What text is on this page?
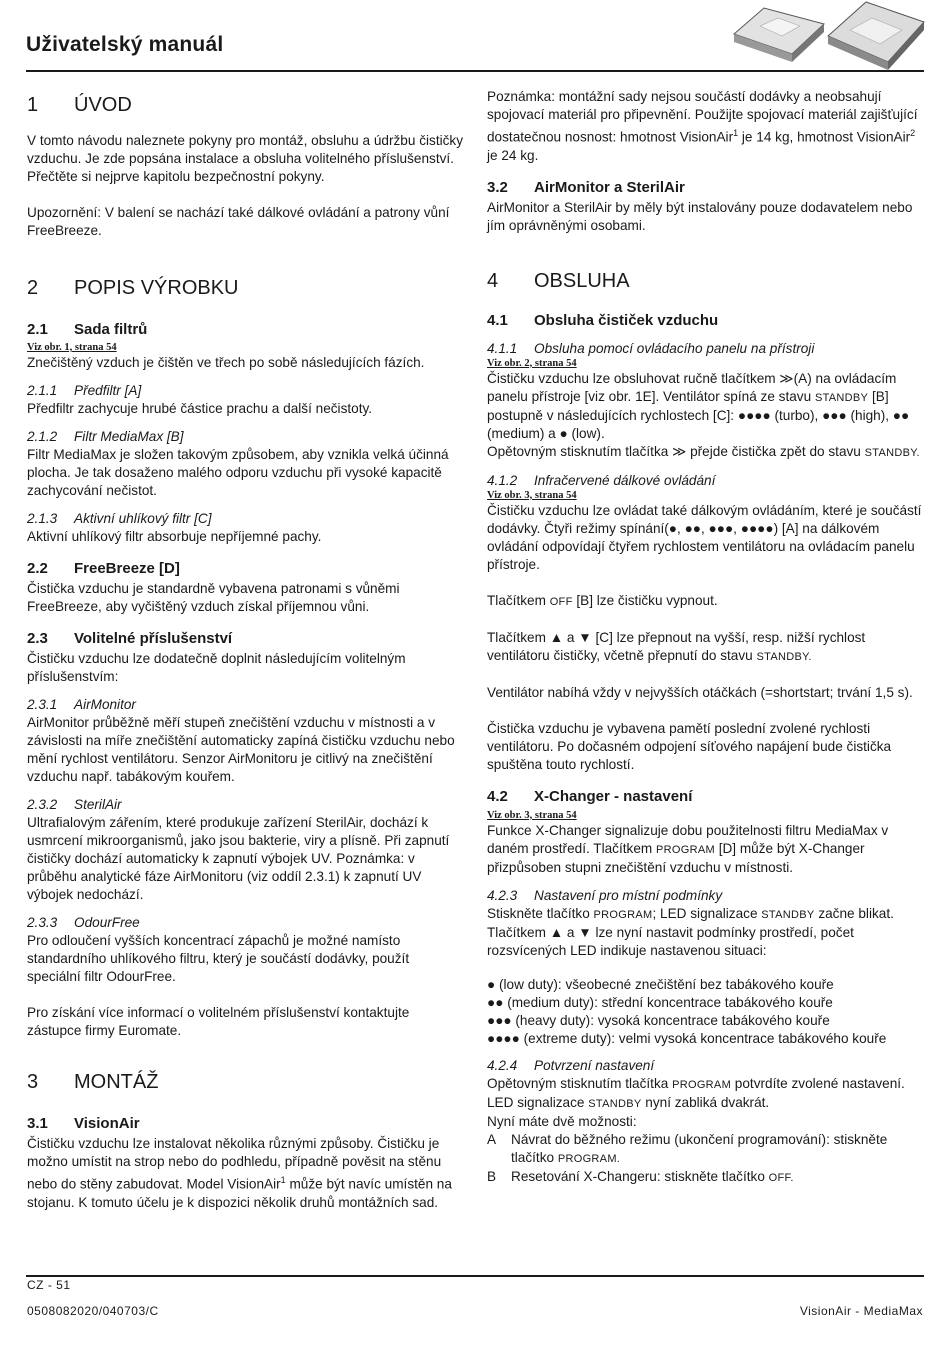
Uživatelský manuál
1	ÚVOD

V tomto návodu naleznete pokyny pro montáž, obsluhu a údržbu čističky vzduchu. Je zde popsána instalace a obsluha volitelného příslušenství. Přečtěte si nejprve kapitolu bezpečnostní pokyny.

Upozornění: V balení se nachází také dálkové ovládání a patrony vůní FreeBreeze.

2	POPIS VÝROBKU
2.1	Sada filtrů
Viz obr. 1, strana 54

Znečištěný vzduch je čištěn ve třech po sobě následujících fázích.

2.1.1 Předfiltr [A]

Předfiltr zachycuje hrubé částice prachu a další nečistoty.

2.1.2 Filtr MediaMax [B]

Filtr MediaMax je složen takovým způsobem, aby vznikla velká účinná plocha. Je tak dosaženo malého odporu vzduchu při vysoké kapacitě zachycování nečistot.

2.1.3 Aktivní uhlíkový filtr [C]

Aktivní uhlíkový filtr absorbuje nepříjemné pachy.

2.2	FreeBreeze [D]

Čistička vzduchu je standardně vybavena patronami s vůněmi FreeBreeze, aby vyčištěný vzduch získal příjemnou vůni.

2.3	Volitelné příslušenství

Čističku vzduchu lze dodatečně doplnit následujícím volitelným příslušenstvím:

2.3.1 AirMonitor

AirMonitor průběžně měří stupeň znečištění vzduchu v místnosti a v závislosti na míře znečištění automaticky zapíná čističku vzduchu nebo mění rychlost ventilátoru. Senzor AirMonitoru je citlivý na znečištění vzduchu např. tabákovým kouřem.

2.3.2 SterilAir

Ultrafialovým zářením, které produkuje zařízení SterilAir, dochází k usmrcení mikroorganismů, jako jsou bakterie, viry a plísně. Při zapnutí čističky dochází automaticky k zapnutí výbojek UV. Poznámka: v průběhu analytické fáze AirMonitoru (viz oddíl 2.3.1) k zapnutí UV výbojek nedochází.

2.3.3 OdourFree

Pro odloučení vyšších koncentrací zápachů je možné namísto standardního uhlíkového filtru, který je součástí dodávky, použít speciální filtr OdourFree.

Pro získání více informací o volitelném příslušenství kontaktujte zástupce firmy Euromate.

3	MONTÁŽ
3.1	VisionAir

Čističku vzduchu lze instalovat několika různými způsoby. Čističku je možno umístit na strop nebo do podhledu, případně pověsit na stěnu nebo do stěny zabudovat. Model VisionAir$^1$ může být navíc umístěn na stojanu. K tomuto účelu je k dispozici několik druhů montážních sad.

Poznámka: montážní sady nejsou součástí dodávky a neobsahují spojovací materiál pro připevnění. Použijte spojovací materiál zajišťující dostatečnou nosnost: hmotnost VisionAir$^1$ je 14 kg, hmotnost VisionAir$^2$ je 24 kg.

3.2	AirMonitor a SterilAir

AirMonitor a SterilAir by měly být instalovány pouze dodavatelem nebo jím oprávněnými osobami.

4	OBSLUHA
4.1	Obsluha čističek vzduchu
4.1.1 Obsluha pomocí ovládacího panelu na přístroji
Viz obr. 2, strana 54

Čističku vzduchu lze obsluhovat ručně tlačítkem ≫(A) na ovládacím panelu přístroje [viz obr. 1E]. Ventilátor spíná ze stavu STANDBY [B] postupně v následujících rychlostech [C]: ●●●● (turbo), ●●● (high), ●● (medium) a ● (low).

Opětovným stisknutím tlačítka ≫ přejde čistička zpět do stavu STANDBY.

4.1.2 Infračervené dálkové ovládání
Viz obr. 3, strana 54

Čističku vzduchu lze ovládat také dálkovým ovládáním, které je součástí dodávky. Čtyři režimy spínání(●, ●●, ●●●, ●●●●) [A] na dálkovém ovládání odpovídají čtyřem rychlostem ventilátoru na ovládacím panelu přístroje.

Tlačítkem OFF [B] lze čističku vypnout.

Tlačítkem ▲ a ▼ [C] lze přepnout na vyšší, resp. nižší rychlost ventilátoru čističky, včetně přepnutí do stavu STANDBY.

Ventilátor nabíhá vždy v nejvyšších otáčkách (=shortstart; trvání 1,5 s).

Čistička vzduchu je vybavena pamětí poslední zvolené rychlosti ventilátoru. Po dočasném odpojení síťového napájení bude čistička spuštěna touto rychlostí.

4.2	X-Changer - nastavení
Viz obr. 3, strana 54

Funkce X-Changer signalizuje dobu použitelnosti filtru MediaMax v daném prostředí. Tlačítkem PROGRAM [D] může být X-Changer přizpůsoben stupni znečištění vzduchu v místnosti.

4.2.3 Nastavení pro místní podmínky

Stiskněte tlačítko PROGRAM; LED signalizace STANDBY začne blikat. Tlačítkem ▲ a ▼ lze nyní nastavit podmínky prostředí, počet rozsvícených LED indikuje nastavenou situaci:

● (low duty): všeobecné znečištění bez tabákového kouře
●● (medium duty): střední koncentrace tabákového kouře
●●● (heavy duty): vysoká koncentrace tabákového kouře
●●●● (extreme duty): velmi vysoká koncentrace tabákového kouře
4.2.4 Potvrzení nastavení

Opětovným stisknutím tlačítka PROGRAM potvrdíte zvolené nastavení. LED signalizace STANDBY nyní zabliká dvakrát.

Nyní máte dvě možnosti:

A	Návrat do běžného režimu (ukončení programování): stiskněte tlačítko PROGRAM.
B	Resetování X-Changeru: stiskněte tlačítko OFF.
CZ - 51
0508082020/040703/C	VisionAir - MediaMax
